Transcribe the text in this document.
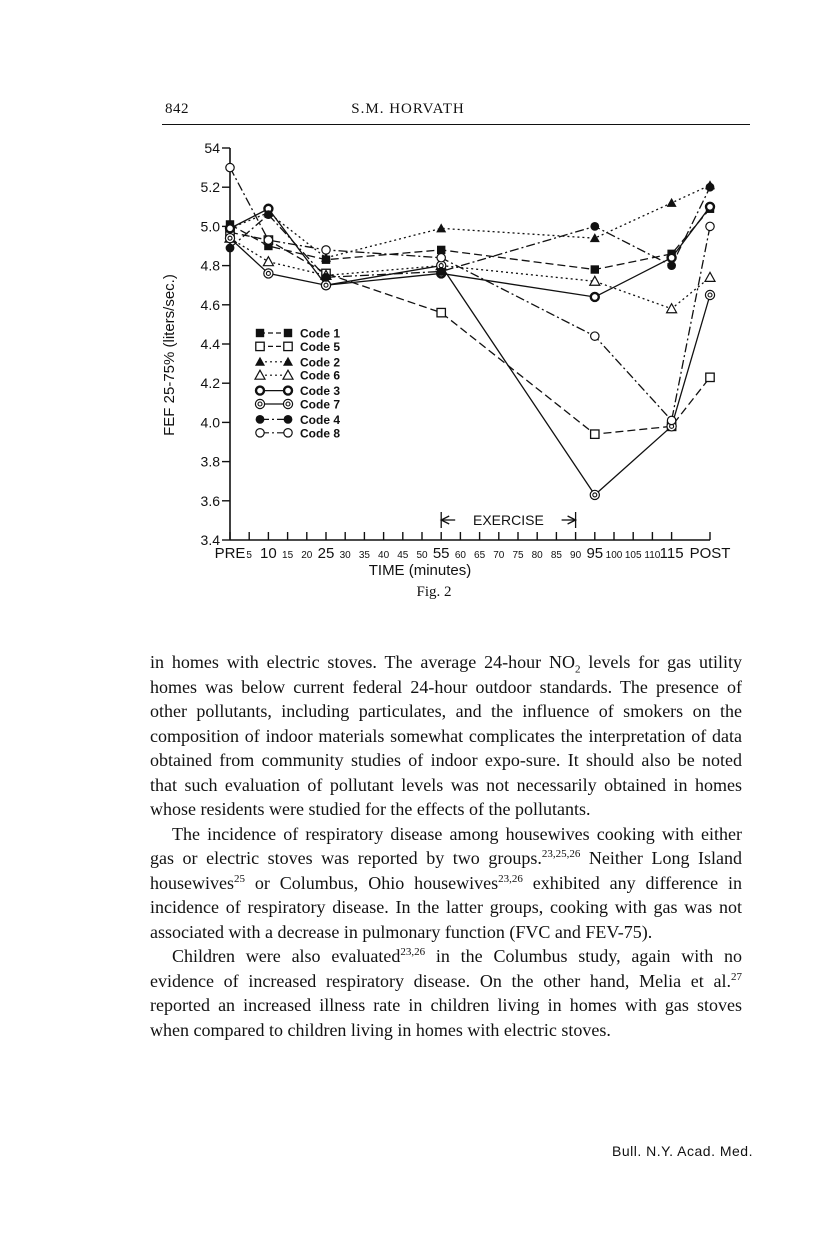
842	S.M. HORVATH
3.4
3.6
3.8
4.0
4.2
4.4
4.6
4.8
5.0
5.2
54
PRE 5 10 15 20 25 30 35 40 45 50 55 60 65 70 75 80 85 90 95 100 105 110 115 POST
EXERCISE
Code 1
Code 5
Code 2
Code 6
Code 3
Code 7
Code 4
Code 8
FEF 25-75% (liters/sec.)
TIME (minutes)
Fig. 2

in homes with electric stoves. The average 24-hour $NO_2$ levels for gas utility homes was below current federal 24-hour outdoor standards. The presence of other pollutants, including particulates, and the influence of smokers on the composition of indoor materials somewhat complicates the interpretation of data obtained from community studies of indoor expo-sure. It should also be noted that such evaluation of pollutant levels was not necessarily obtained in homes whose residents were studied for the effects of the pollutants.

The incidence of respiratory disease among housewives cooking with either gas or electric stoves was reported by two groups.$^{23,25,26}$ Neither Long Island housewives$^{25}$ or Columbus, Ohio housewives$^{23,26}$ exhibited any difference in incidence of respiratory disease. In the latter groups, cooking with gas was not associated with a decrease in pulmonary function (FVC and FEV-75).

Children were also evaluated$^{23,26}$ in the Columbus study, again with no evidence of increased respiratory disease. On the other hand, Melia et al.$^{27}$ reported an increased illness rate in children living in homes with gas stoves when compared to children living in homes with electric stoves.

Bull. N.Y. Acad. Med.
